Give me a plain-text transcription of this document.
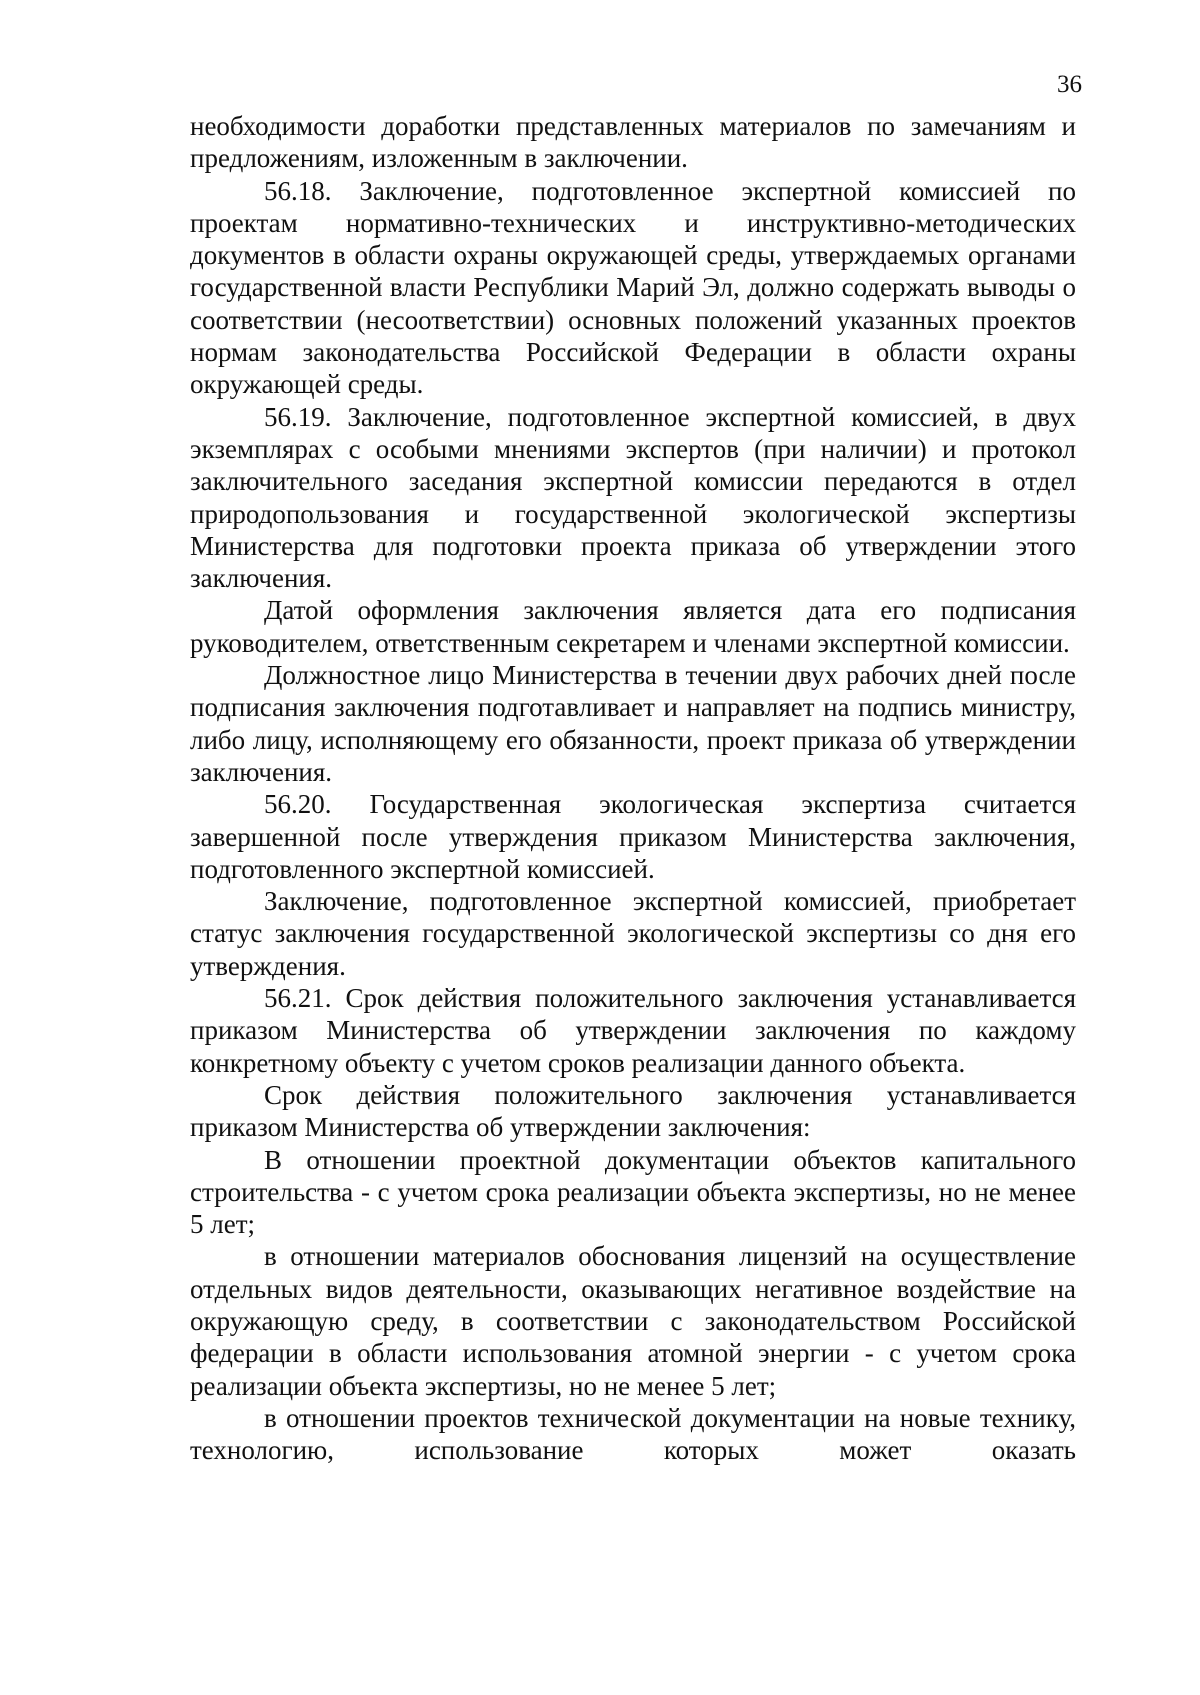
36

необходимости доработки представленных материалов по замечаниям и предложениям, изложенным в заключении.

56.18. Заключение, подготовленное экспертной комиссией по проектам нормативно-технических и инструктивно-методических документов в области охраны окружающей среды, утверждаемых органами государственной власти Республики Марий Эл, должно содержать выводы о соответствии (несоответствии) основных положений указанных проектов нормам законодательства Российской Федерации в области охраны окружающей среды.

56.19. Заключение, подготовленное экспертной комиссией, в двух экземплярах с особыми мнениями экспертов (при наличии) и протокол заключительного заседания экспертной комиссии передаются в отдел природопользования и государственной экологической экспертизы Министерства для подготовки проекта приказа об утверждении этого заключения.

Датой оформления заключения является дата его подписания руководителем, ответственным секретарем и членами экспертной комиссии.

Должностное лицо Министерства в течении двух рабочих дней после подписания заключения подготавливает и направляет на подпись министру, либо лицу, исполняющему его обязанности, проект приказа об утверждении заключения.

56.20. Государственная экологическая экспертиза считается завершенной после утверждения приказом Министерства заключения, подготовленного экспертной комиссией.

Заключение, подготовленное экспертной комиссией, приобретает статус заключения государственной экологической экспертизы со дня его утверждения.

56.21. Срок действия положительного заключения устанавливается приказом Министерства об утверждении заключения по каждому конкретному объекту с учетом сроков реализации данного объекта.

Срок действия положительного заключения устанавливается приказом Министерства об утверждении заключения:

В отношении проектной документации объектов капитального строительства - с учетом срока реализации объекта экспертизы, но не менее 5 лет;

в отношении материалов обоснования лицензий на осуществление отдельных видов деятельности, оказывающих негативное воздействие на окружающую среду, в соответствии с законодательством Российской федерации в области использования атомной энергии - с учетом срока реализации объекта экспертизы, но не менее 5 лет;

в отношении проектов технической документации на новые технику, технологию, использование которых может оказать
